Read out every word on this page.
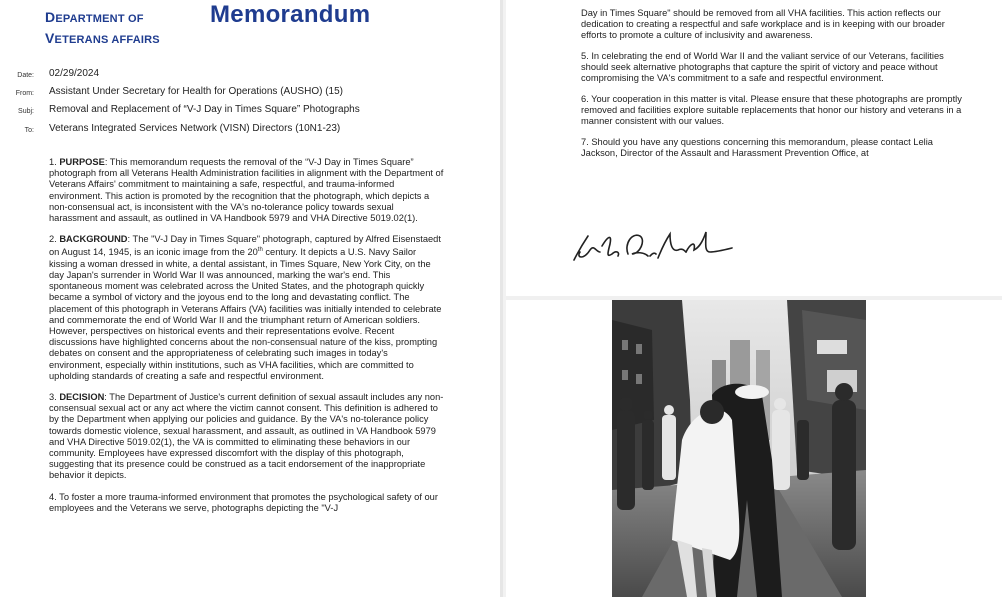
DEPARTMENT OF
VETERANS AFFAIRS
Memorandum
Date: 02/29/2024
From: Assistant Under Secretary for Health for Operations (AUSHO) (15)
Subj: Removal and Replacement of “V-J Day in Times Square” Photographs
To: Veterans Integrated Services Network (VISN) Directors (10N1-23)

1. PURPOSE: This memorandum requests the removal of the “V-J Day in Times Square” photograph from all Veterans Health Administration facilities in alignment with the Department of Veterans Affairs' commitment to maintaining a safe, respectful, and trauma-informed environment. This action is promoted by the recognition that the photograph, which depicts a non-consensual act, is inconsistent with the VA's no-tolerance policy towards sexual harassment and assault, as outlined in VA Handbook 5979 and VHA Directive 5019.02(1).

2. BACKGROUND: The "V-J Day in Times Square" photograph, captured by Alfred Eisenstaedt on August 14, 1945, is an iconic image from the 20th century. It depicts a U.S. Navy Sailor kissing a woman dressed in white, a dental assistant, in Times Square, New York City, on the day Japan's surrender in World War II was announced, marking the war's end. This spontaneous moment was celebrated across the United States, and the photograph quickly became a symbol of victory and the joyous end to the long and devastating conflict. The placement of this photograph in Veterans Affairs (VA) facilities was initially intended to celebrate and commemorate the end of World War II and the triumphant return of American soldiers. However, perspectives on historical events and their representations evolve. Recent discussions have highlighted concerns about the non-consensual nature of the kiss, prompting debates on consent and the appropriateness of celebrating such images in today's environment, especially within institutions, such as VHA facilities, which are committed to upholding standards of creating a safe and respectful environment.

3. DECISION: The Department of Justice's current definition of sexual assault includes any non-consensual sexual act or any act where the victim cannot consent. This definition is adhered to by the Department when applying our policies and guidance. By the VA's no-tolerance policy towards domestic violence, sexual harassment, and assault, as outlined in VA Handbook 5979 and VHA Directive 5019.02(1), the VA is committed to eliminating these behaviors in our community. Employees have expressed discomfort with the display of this photograph, suggesting that its presence could be construed as a tacit endorsement of the inappropriate behavior it depicts.

4. To foster a more trauma-informed environment that promotes the psychological safety of our employees and the Veterans we serve, photographs depicting the "V-J

Day in Times Square" should be removed from all VHA facilities. This action reflects our dedication to creating a respectful and safe workplace and is in keeping with our broader efforts to promote a culture of inclusivity and awareness.

5. In celebrating the end of World War II and the valiant service of our Veterans, facilities should seek alternative photographs that capture the spirit of victory and peace without compromising the VA's commitment to a safe and respectful environment.

6. Your cooperation in this matter is vital. Please ensure that these photographs are promptly removed and facilities explore suitable replacements that honor our history and veterans in a manner consistent with our values.

7. Should you have any questions concerning this memorandum, please contact Lelia Jackson, Director of the Assault and Harassment Prevention Office, at
